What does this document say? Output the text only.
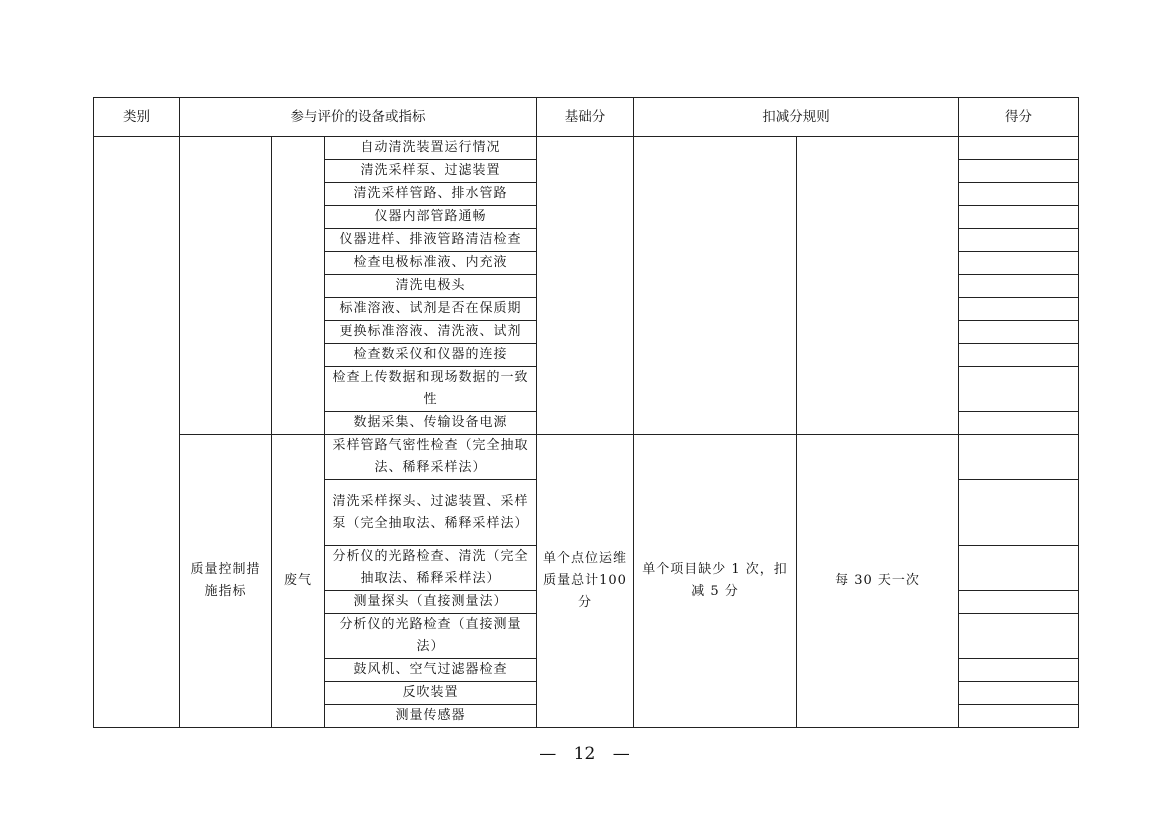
类别	参与评价的设备或指标			基础分	扣减分规则		得分
			自动清洗装置运行情况				
			清洗采样泵、过滤装置				
			清洗采样管路、排水管路				
			仪器内部管路通畅				
			仪器进样、排液管路清洁检查				
			检查电极标准液、内充液				
			清洗电极头				
			标准溶液、试剂是否在保质期				
			更换标准溶液、清洗液、试剂				
			检查数采仪和仪器的连接				
			检查上传数据和现场数据的一致性				
			数据采集、传输设备电源				
	质量控制措施指标	废气	采样管路气密性检查（完全抽取法、稀释采样法）	单个点位运维质量总计100分	单个项目缺少 1 次，扣减 5 分	每 30 天一次	
			清洗采样探头、过滤装置、采样泵（完全抽取法、稀释采样法）				
			分析仪的光路检查、清洗（完全抽取法、稀释采样法）				
			测量探头（直接测量法）				
			分析仪的光路检查（直接测量法）				
			鼓风机、空气过滤器检查				
			反吹装置				
			测量传感器				
— 12 —
